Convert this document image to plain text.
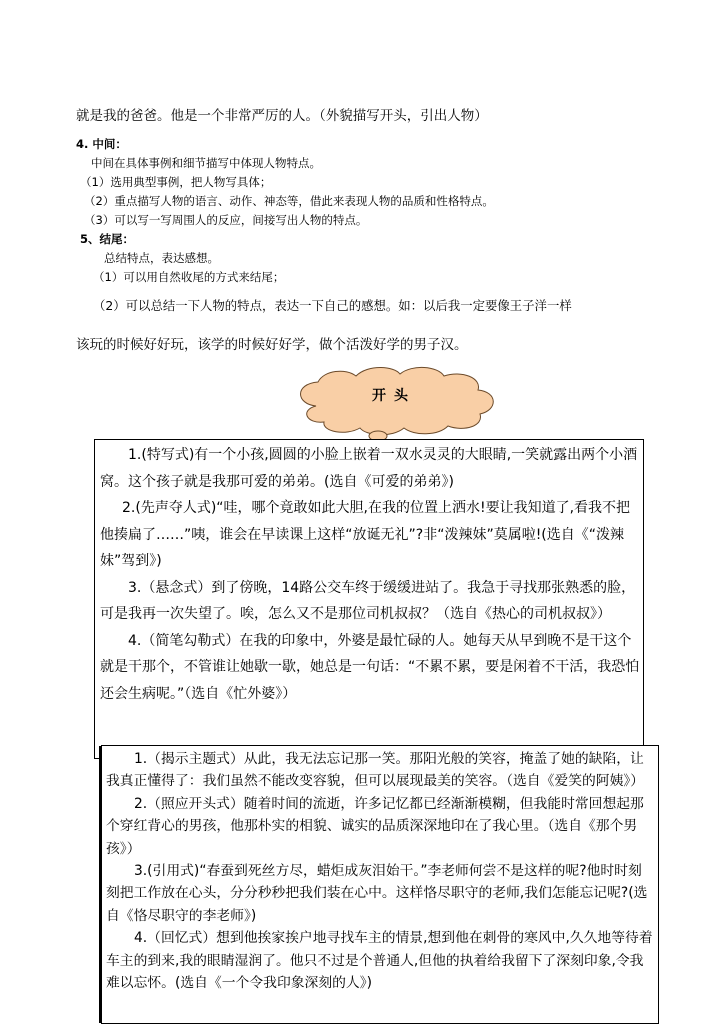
就是我的爸爸。他是一个非常严厉的人。（外貌描写开头，引出人物）
4. 中间：
中间在具体事例和细节描写中体现人物特点。
（1）选用典型事例，把人物写具体；
（2）重点描写人物的语言、动作、神态等，借此来表现人物的品质和性格特点。
（3）可以写一写周围人的反应，间接写出人物的特点。
5、结尾：
总结特点，表达感想。
（1）可以用自然收尾的方式来结尾；
（2）可以总结一下人物的特点，表达一下自己的感想。如：以后我一定要像王子洋一样
该玩的时候好好玩，该学的时候好好学，做个活泼好学的男子汉。
开头

1.(特写式)有一个小孩,圆圆的小脸上嵌着一双水灵灵的大眼睛,一笑就露出两个小酒窝。这个孩子就是我那可爱的弟弟。(选自《可爱的弟弟》)

2.(先声夺人式)“哇，哪个竟敢如此大胆,在我的位置上洒水!要让我知道了,看我不把他揍扁了……”咦，谁会在早读课上这样“放诞无礼”?非“泼辣妹”莫属啦!(选自《“泼辣妹”驾到》)

3.（悬念式）到了傍晚，14路公交车终于缓缓进站了。我急于寻找那张熟悉的脸，可是我再一次失望了。唉，怎么又不是那位司机叔叔？（选自《热心的司机叔叔》）

4.（简笔勾勒式）在我的印象中，外婆是最忙碌的人。她每天从早到晚不是干这个就是干那个，不管谁让她歇一歇，她总是一句话：“不累不累，要是闲着不干活，我恐怕还会生病呢。”（选自《忙外婆》）

1.（揭示主题式）从此，我无法忘记那一笑。那阳光般的笑容，掩盖了她的缺陷，让我真正懂得了：我们虽然不能改变容貌，但可以展现最美的笑容。（选自《爱笑的阿姨》）

2.（照应开头式）随着时间的流逝，许多记忆都已经渐渐模糊，但我能时常回想起那个穿红背心的男孩，他那朴实的相貌、诚实的品质深深地印在了我心里。（选自《那个男孩》）

3.(引用式)“春蚕到死丝方尽，蜡炬成灰泪始干。”李老师何尝不是这样的呢?他时时刻刻把工作放在心头，分分秒秒把我们装在心中。这样恪尽职守的老师,我们怎能忘记呢?(选自《恪尽职守的李老师》)

4.（回忆式）想到他挨家挨户地寻找车主的情景,想到他在刺骨的寒风中,久久地等待着车主的到来,我的眼睛湿润了。他只不过是个普通人,但他的执着给我留下了深刻印象,令我难以忘怀。(选自《一个令我印象深刻的人》)
